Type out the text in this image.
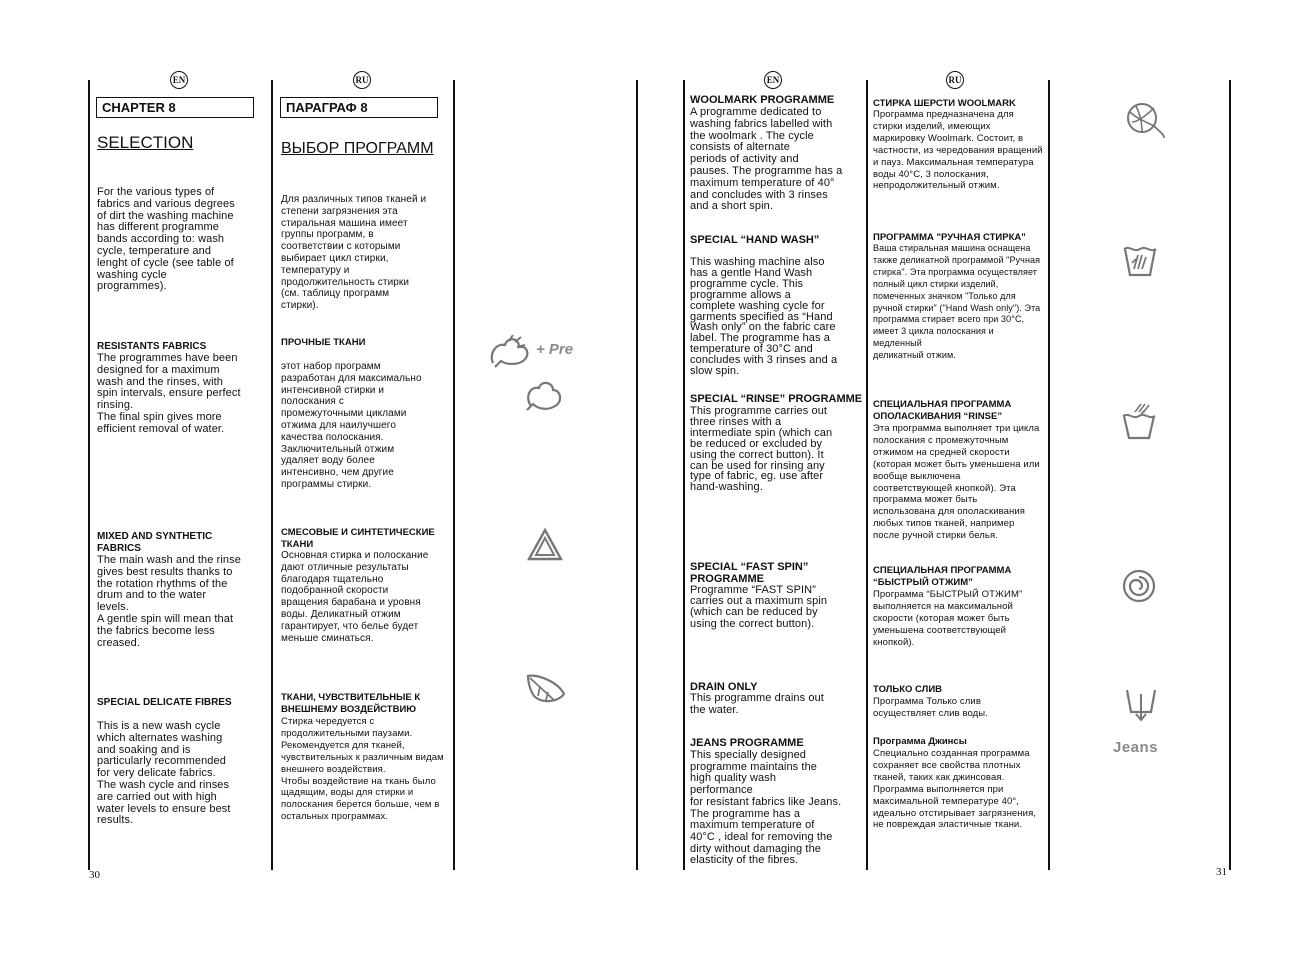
EN	RU
CHAPTER 8
SELECTION
For the various types of
fabrics and various degrees
of dirt the washing machine
has different programme
bands according to: wash
cycle, temperature and
lenght of cycle (see table of
washing cycle
programmes).
RESISTANTS FABRICS
The programmes have been
designed for a maximum
wash and the rinses, with
spin intervals, ensure perfect
rinsing.
The final spin gives more
efficient removal of water.
MIXED AND SYNTHETIC
FABRICS
The main wash and the rinse
gives best results thanks to
the rotation rhythms of the
drum and to the water
levels.
A gentle spin will mean that
the fabrics become less
creased.
SPECIAL DELICATE FIBRES
This is a new wash cycle
which alternates washing
and soaking and is
particularly recommended
for very delicate fabrics.
The wash cycle and rinses
are carried out with high
water levels to ensure best
results.
ПАРАГРАФ 8
ВЫБОР ПРОГРАММ
Для различных типов тканей и
степени загрязнения эта
стиральная машина имеет
группы программ, в
соответствии с которыми
выбирает цикл стирки,
температуру и
продолжительность стирки
(см. таблицу программ
стирки).
ПРОЧНЫЕ ТКАНИ
этот набор программ
разработан для максимально
интенсивной стирки и
полоскания с
промежуточными циклами
отжима для наилучшего
качества полоскания.
Заключительный отжим
удаляет воду более
интенсивно, чем другие
программы стирки.
СМЕСОВЫЕ И СИНТЕТИЧЕСКИЕ
ТКАНИ
Основная стирка и полоскание
дают отличные результаты
благодаря тщательно
подобранной скорости
вращения барабана и уровня
воды. Деликатный отжим
гарантирует, что белье будет
меньше сминаться.
ТКАНИ, ЧУВСТВИТЕЛЬНЫЕ К
ВНЕШНЕМУ ВОЗДЕЙСТВИЮ
Стирка чередуется с
продолжительными паузами.
Рекомендуется для тканей,
чувствительных к различным видам
внешнего воздействия.
Чтобы воздействие на ткань было
щадящим, воды для стирки и
полоскания берется больше, чем в
остальных программах.
+ Pre
30
EN	RU
WOOLMARK PROGRAMME
A programme dedicated to
washing fabrics labelled with
the woolmark . The cycle
consists of alternate
periods of activity and
pauses. The programme has a
maximum temperature of 40°
and concludes with 3 rinses
and a short spin.
SPECIAL “HAND WASH”
This washing machine also
has a gentle Hand Wash
programme cycle. This
programme allows a
complete washing cycle for
garments specified as “Hand
Wash only” on the fabric care
label. The programme has a
temperature of 30°C and
concludes with 3 rinses and a
slow spin.
SPECIAL “RINSE” PROGRAMME
This programme carries out
three rinses with a
intermediate spin (which can
be reduced or excluded by
using the correct button). It
can be used for rinsing any
type of fabric, eg. use after
hand-washing.
SPECIAL “FAST SPIN”
PROGRAMME
Programme “FAST SPIN”
carries out a maximum spin
(which can be reduced by
using the correct button).
DRAIN ONLY
This programme drains out
the water.
JEANS PROGRAMME
This specially designed
programme maintains the
high quality wash
performance
for resistant fabrics like Jeans.
The programme has a
maximum temperature of
40°C , ideal for removing the
dirty without damaging the
elasticity of the fibres.
СТИРКА ШЕРСТИ WOOLMARK
Программа предназначена для
стирки изделий, имеющих
маркировку Woolmark. Состоит, в
частности, из чередования вращений
и пауз. Максимальная температура
воды 40°С, 3 полоскания,
непродолжительный отжим.
ПРОГРАММА "РУЧНАЯ СТИРКА"
Ваша стиральная машина оснащена
также деликатной программой "Ручная
стирка". Эта программа осуществляет
полный цикл стирки изделий,
помеченных значком "Только для
ручной стирки" ("Hand Wash only"). Эта
программа стирает всего при 30°С,
имеет 3 цикла полоскания и медленный
деликатный отжим.
СПЕЦИАЛЬНАЯ ПРОГРАММА
ОПОЛАСКИВАНИЯ “RINSE”
Эта программа выполняет три цикла
полоскания с промежуточным
отжимом на средней скорости
(которая может быть уменьшена или
вообще выключена
соответствующей кнопкой). Эта
программа может быть
использована для ополаскивания
любых типов тканей, например
после ручной стирки белья.
СПЕЦИАЛЬНАЯ ПРОГРАММА
“БЫСТРЫЙ ОТЖИМ”
Программа “БЫСТРЫЙ ОТЖИМ”
выполняется на максимальной
скорости (которая может быть
уменьшена соответствующей
кнопкой).
ТОЛЬКО СЛИВ
Программа Только слив
осуществляет слив воды.
Программа Джинсы
Специально созданная программа
сохраняет все свойства плотных
тканей, таких как джинсовая.
Программа выполняется при
максимальной температуре 40°,
идеально отстирывает загрязнения,
не повреждая эластичные ткани.
Jeans
31
